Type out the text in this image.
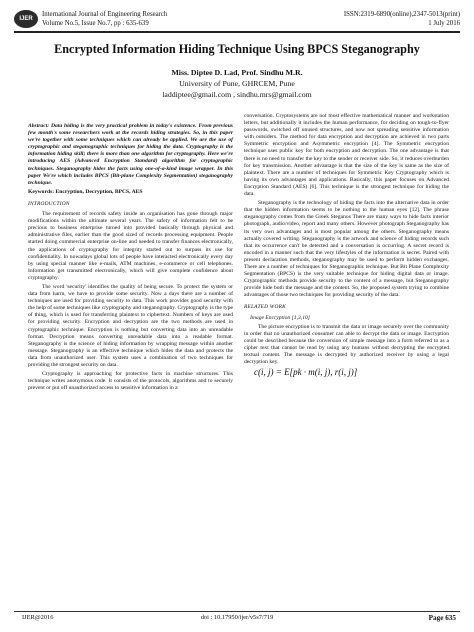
IJER
International Journal of Engineering Research
Volume No.5, Issue No.7, pp : 635-639
ISSN:2319-6890(online),2347-5013(print)
1 July 2016
Encrypted Information Hiding Technique Using BPCS Steganography
Miss. Diptee D. Lad, Prof. Sindhu M.R.
University of Pune, GHRCEM, Pune
laddiptee@gmail.com , sindhu.mrs@gmail.com

Abstract: Data hiding is the very practical problem in today's existence. From previous few month's some researchers work at the records hiding strategies. So, in this paper we're together with some techniques which can already be applied. We are the use of cryptographic and steganographic techniques for hiding the data. Cryptography is the information hiding skill; there is more than one algorithm for cryptography. Here we're introducing AES (Advanced Encryption Standard) algorithm for cryptographic techniques. Steganography hides the facts using one-of-a-kind image wrapper. In this paper We're which includes BPCS (Bit-plane Complexity Segmentation) steganography technique.

Keywords: Encryption, Decryption, BPCS, AES

INTRODUCTION

The requirement of records safety inside an organisation has gone through major modifications within the ultimate several years. The safety of information felt to be precious to business enterprise turned into provided basically through physical and administrative files, earlier than the good sized of records processing equipment. People started doing commercial enterprise on-line and needed to transfer finances electronically, the applications of cryptography for integrity started out to surpass its use for confidentiality. In nowadays global lots of people have interacted electronically every day by using special manner like e-mails, ATM machines, e-commerce or cell telephones. Information get transmitted electronically, which will give complete confidence about cryptography.

The word 'security' identifies the quality of being secure. To protect the system or data from harm, we have to provide some security. Now a days there are a number of techniques are used for providing security to data. This work provides good security with the help of some techniques like cryptography and steganography. Cryptography is the type of thing, which is used for transferring plaintext to ciphertext. Numbers of keys are used for providing security. Encryption and decryption are the two methods are used in cryptographic technique. Encryption is nothing but converting data into an unreadable format. Decryption means converting unreadable data into a readable format. Steganography is the science of hiding information by wrapping message within another message. Steganography is an effective technique which hides the data and protects the data from unauthorized user. This system uses a combination of two techniques for providing the strongest security on data.

Cryptography is approaching for protective facts in machine structures. This technique writes anonymous code. It consists of the protocols, algorithms and to securely prevent or put off unauthorized access to sensitive information in a

conversation. Cryptosystems are not most effective mathematical manner and workstation letters, but additionally it includes the human performance, for deciding on tough-to-flyer passwords, switched off unused structures, and now not spreading sensitive information with outsiders. The method for data encryption and decryption are achieved in two parts Symmetric encryption and Asymmetric encryption [4]. The Symmetric encryption technique uses public key for both encryption and decryption. The one advantage is that there is no need to transfer the key to the sender or receiver side. So, it reduces overburden for key transmission. Another advantage is that the size of the key is same as the size of plaintext. There are a number of techniques for Symmetric Key Cryptography which is having its own advantages and applications. Basically, this paper focuses on Advanced Encryption Standard (AES) [6]. This technique is the strongest technique for hiding the data.

Steganography is the technology of hiding the facts into the alternative data in order that the hidden information seems to be nothing to the human eyes [12]. The phrase steganography comes from the Greek Steganos There are many ways to hide facts interior photograph, audio/video, report and many others. However photograph Steganography has its very own advantages and is most popular among the others. Steganography means actually covered writing. Steganography is the artwork and science of hiding records such that its occurrence can't be detected and a conversation is occurring. A secret record is encoded in a manner such that the very lifestyles of the information is secret. Paired with present declaration methods, steganography may be used to perform hidden exchanges. There are a number of techniques for Steganographic technique. But Bit Plane Complexity Segmentation (BPCS) is the very suitable technique for hiding digital data or image. Cryptographic methods provide security to the content of a message, but Steganography provide hide both the message and the content. So, the proposed system trying to combine advantages of those two techniques for providing security of the data.

RELATED WORK
Image Encryption [1,3,10]

The picture encryption is to transmit the data or image securely over the community in order that no unauthorized consumer can able to decrypt the data or image. Encryption could be described because the conversion of simple message into a form referred to as a cipher text that cannot be read by using any humans without decrypting the encrypted textual content. The message is decrypted by authorized receiver by using a legal decryption key.

c(i, j) = E[pk · m(i, j), r(i, j)]
IJER@2016	doi : 10.17950/ijer/v5s7/719	Page 635
